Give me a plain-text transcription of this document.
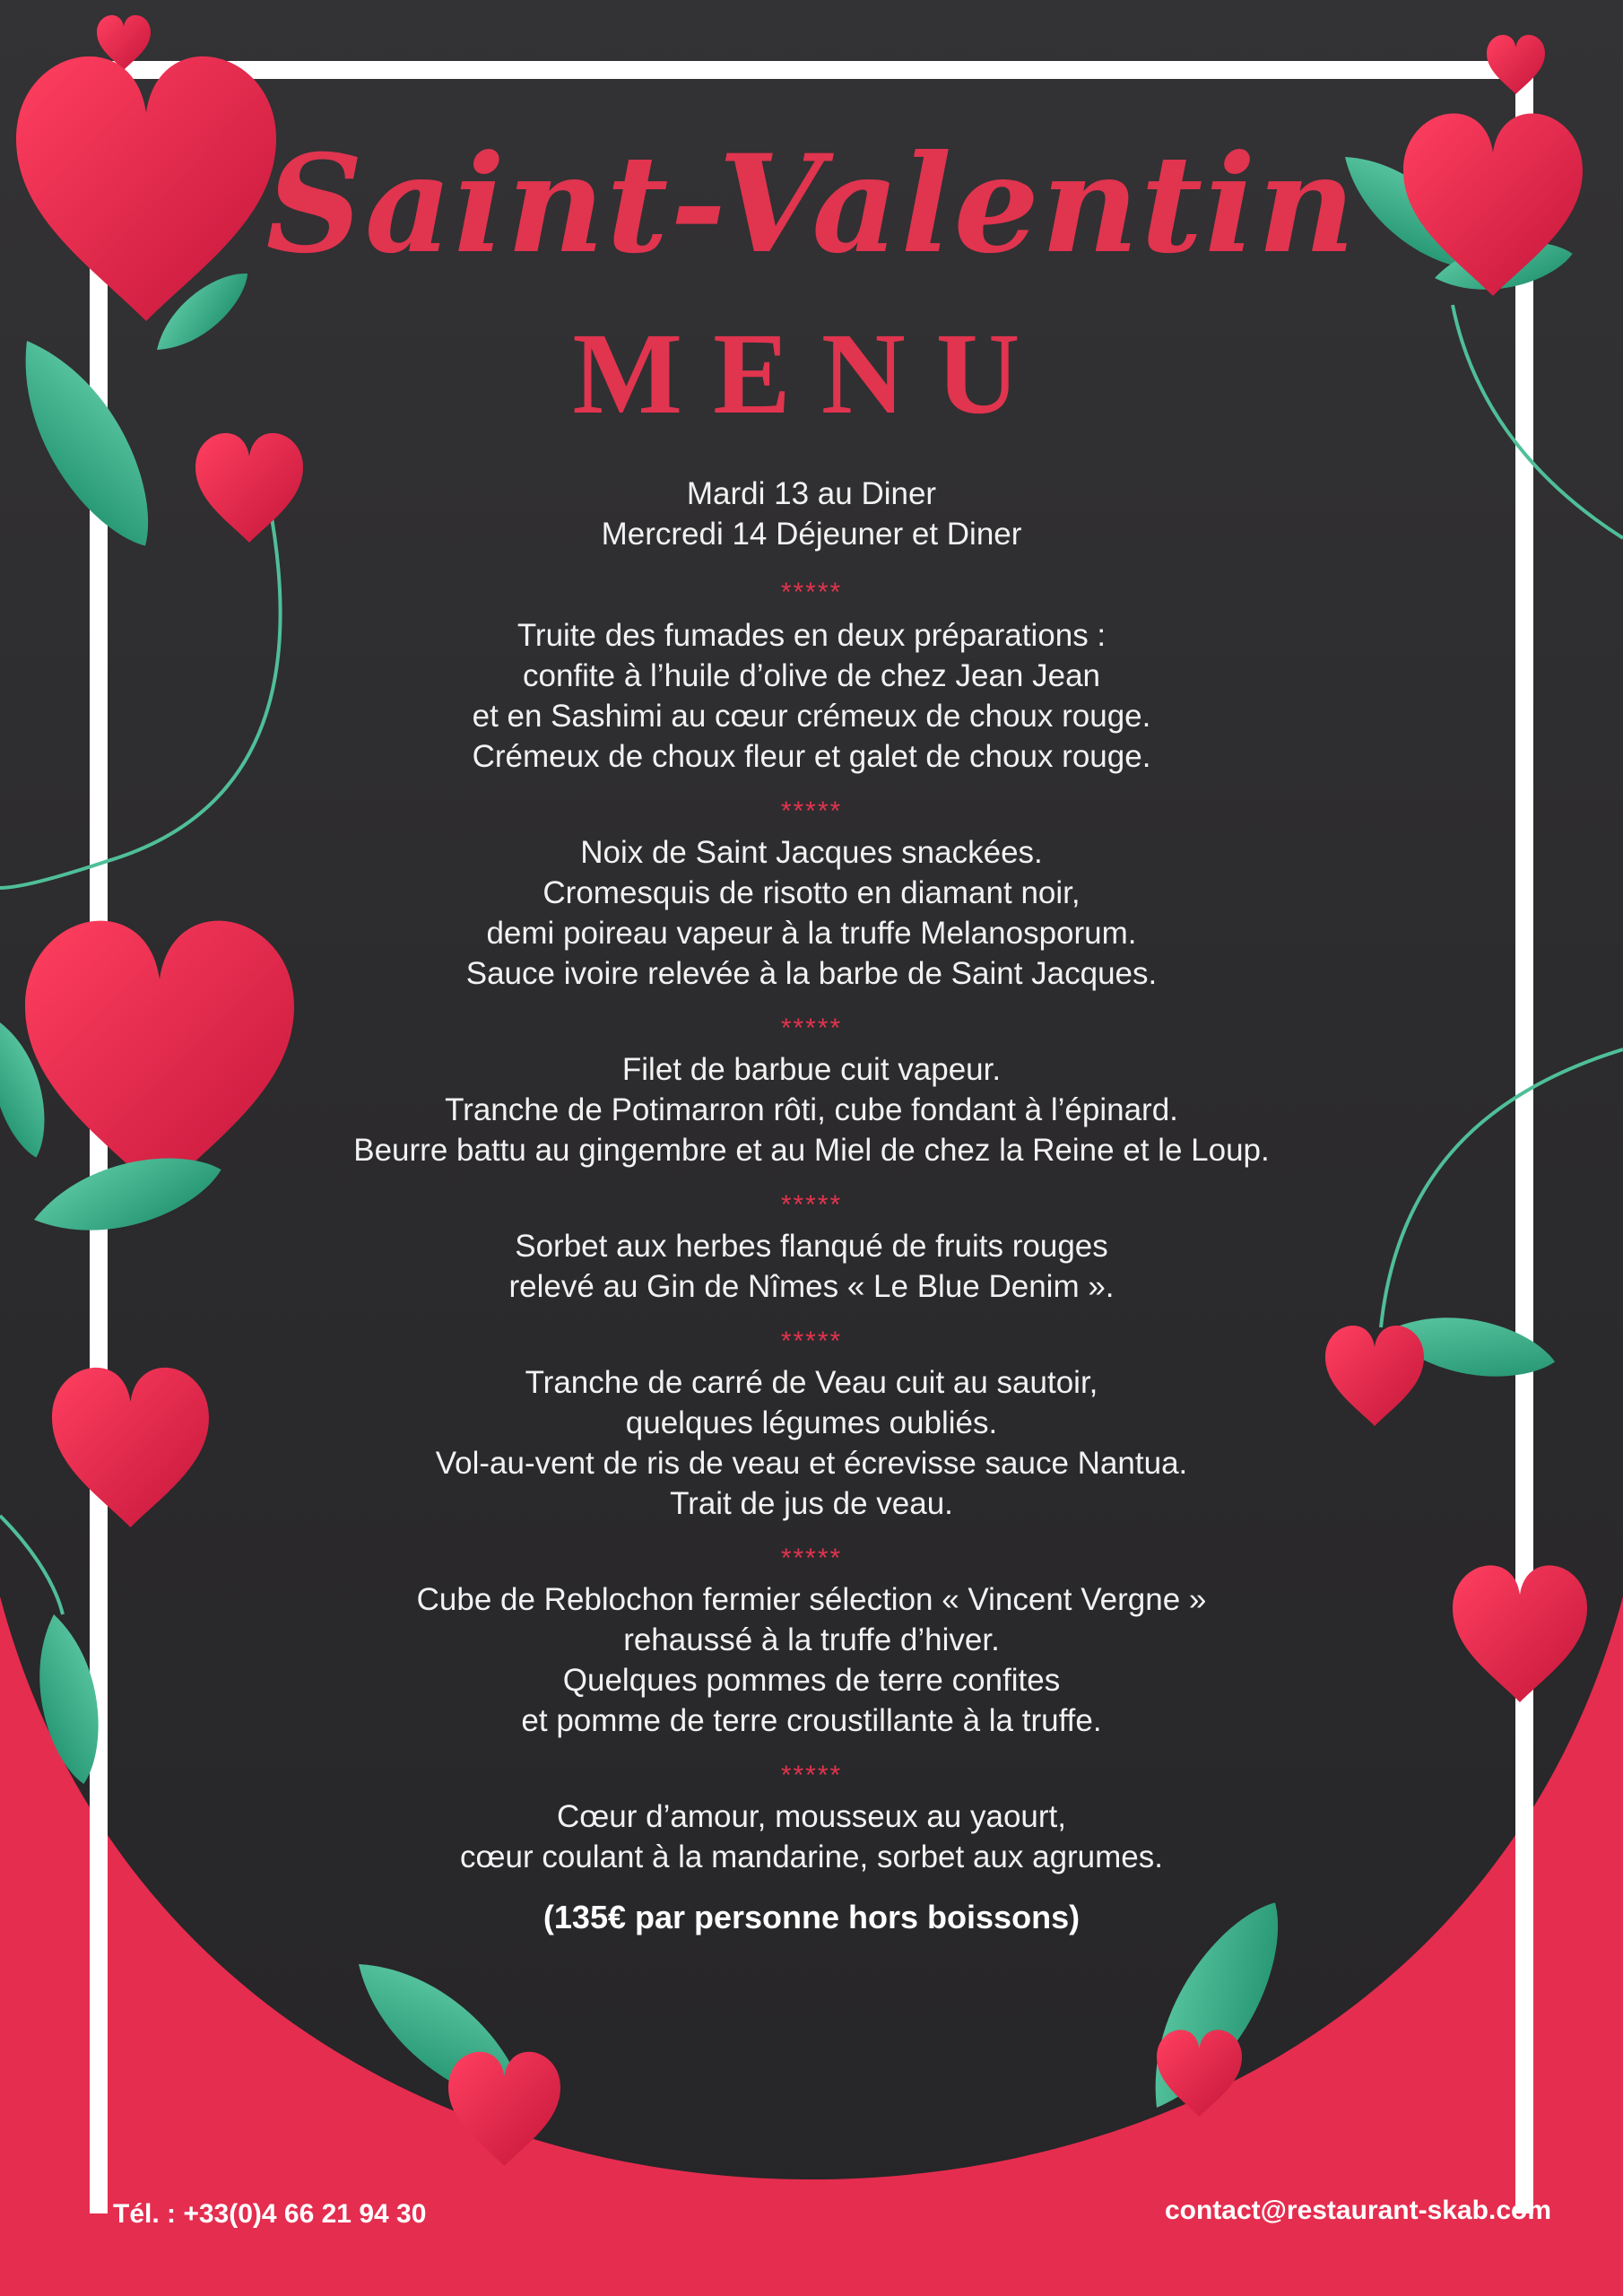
Saint-Valentin
MENU
Mardi 13 au Diner
Mercredi 14 Déjeuner et Diner
*****
Truite des fumades en deux préparations :
confite à l’huile d’olive de chez Jean Jean
et en Sashimi au cœur crémeux de choux rouge.
Crémeux de choux fleur et galet de choux rouge.
*****
Noix de Saint Jacques snackées.
Cromesquis de risotto en diamant noir,
demi poireau vapeur à la truffe Melanosporum.
Sauce ivoire relevée à la barbe de Saint Jacques.
*****
Filet de barbue cuit vapeur.
Tranche de Potimarron rôti, cube fondant à l’épinard.
Beurre battu au gingembre et au Miel de chez la Reine et le Loup.
*****
Sorbet aux herbes flanqué de fruits rouges
relevé au Gin de Nîmes « Le Blue Denim ».
*****
Tranche de carré de Veau cuit au sautoir,
quelques légumes oubliés.
Vol-au-vent de ris de veau et écrevisse sauce Nantua.
Trait de jus de veau.
*****
Cube de Reblochon fermier sélection « Vincent Vergne »
rehaussé à la truffe d’hiver.
Quelques pommes de terre confites
et pomme de terre croustillante à la truffe.
*****
Cœur d’amour, mousseux au yaourt,
cœur coulant à la mandarine, sorbet aux agrumes.
(135€ par personne hors boissons)
Tél. : +33(0)4 66 21 94 30	contact@restaurant-skab.com
